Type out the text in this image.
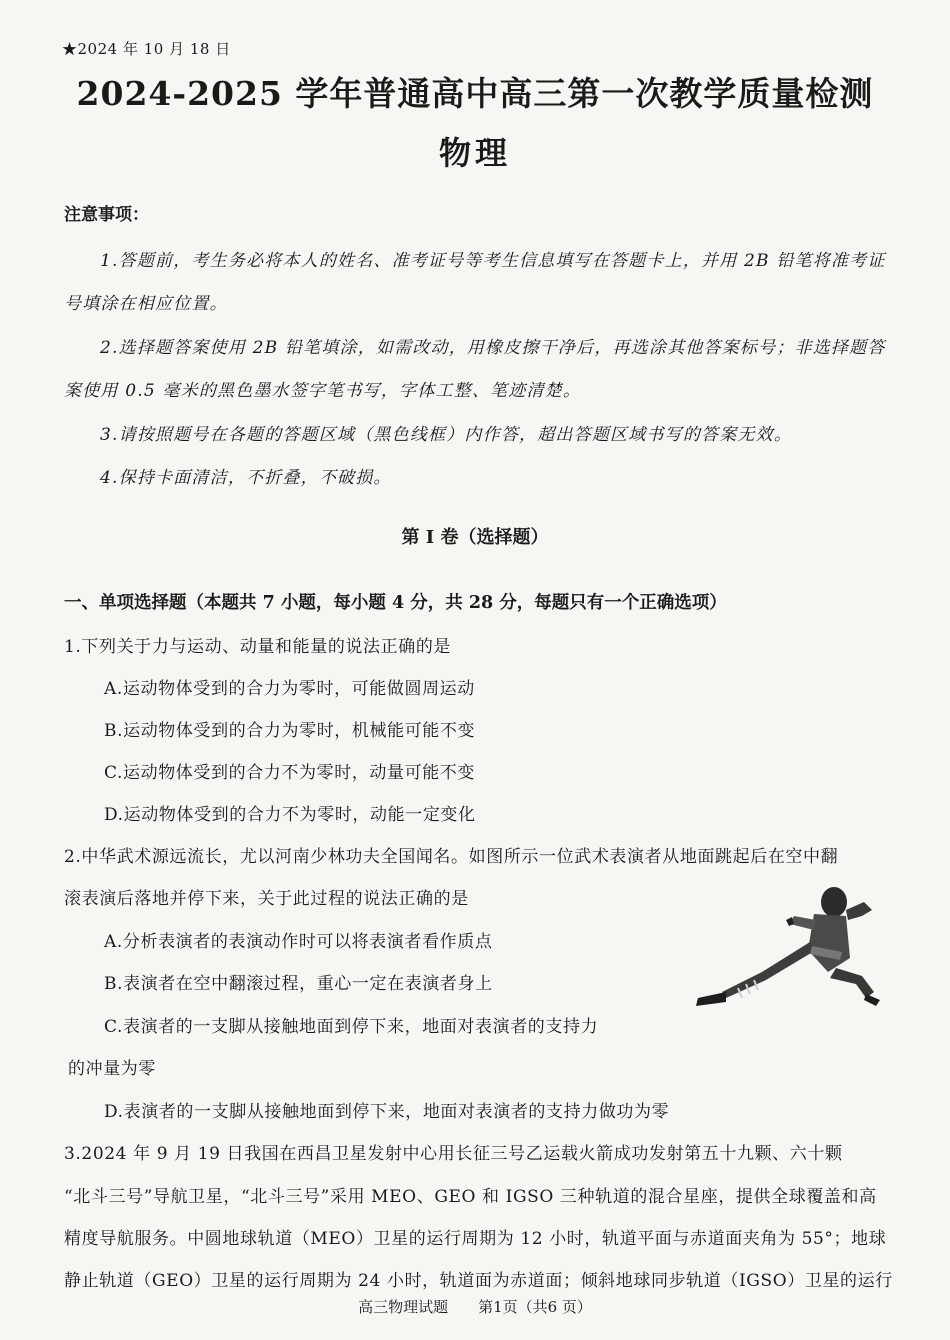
★2024 年 10 月 18 日
2024-2025 学年普通高中高三第一次教学质量检测
物理
注意事项：
1.答题前，考生务必将本人的姓名、准考证号等考生信息填写在答题卡上，并用 2B 铅笔将准考证
号填涂在相应位置。
2.选择题答案使用 2B 铅笔填涂，如需改动，用橡皮擦干净后，再选涂其他答案标号；非选择题答
案使用 0.5 毫米的黑色墨水签字笔书写，字体工整、笔迹清楚。
3.请按照题号在各题的答题区域（黑色线框）内作答，超出答题区域书写的答案无效。
4.保持卡面清洁，不折叠，不破损。
第 Ⅰ 卷（选择题）
一、单项选择题（本题共 7 小题，每小题 4 分，共 28 分，每题只有一个正确选项）
1.下列关于力与运动、动量和能量的说法正确的是
A.运动物体受到的合力为零时，可能做圆周运动
B.运动物体受到的合力为零时，机械能可能不变
C.运动物体受到的合力不为零时，动量可能不变
D.运动物体受到的合力不为零时，动能一定变化
2.中华武术源远流长，尤以河南少林功夫全国闻名。如图所示一位武术表演者从地面跳起后在空中翻
滚表演后落地并停下来，关于此过程的说法正确的是
A.分析表演者的表演动作时可以将表演者看作质点
B.表演者在空中翻滚过程，重心一定在表演者身上
C.表演者的一支脚从接触地面到停下来，地面对表演者的支持力
的冲量为零
D.表演者的一支脚从接触地面到停下来，地面对表演者的支持力做功为零
3.2024 年 9 月 19 日我国在西昌卫星发射中心用长征三号乙运载火箭成功发射第五十九颗、六十颗
“北斗三号”导航卫星，“北斗三号”采用 MEO、GEO 和 IGSO 三种轨道的混合星座，提供全球覆盖和高
精度导航服务。中圆地球轨道（MEO）卫星的运行周期为 12 小时，轨道平面与赤道面夹角为 55°；地球
静止轨道（GEO）卫星的运行周期为 24 小时，轨道面为赤道面；倾斜地球同步轨道（IGSO）卫星的运行
高三物理试题　　第1页（共6 页）
